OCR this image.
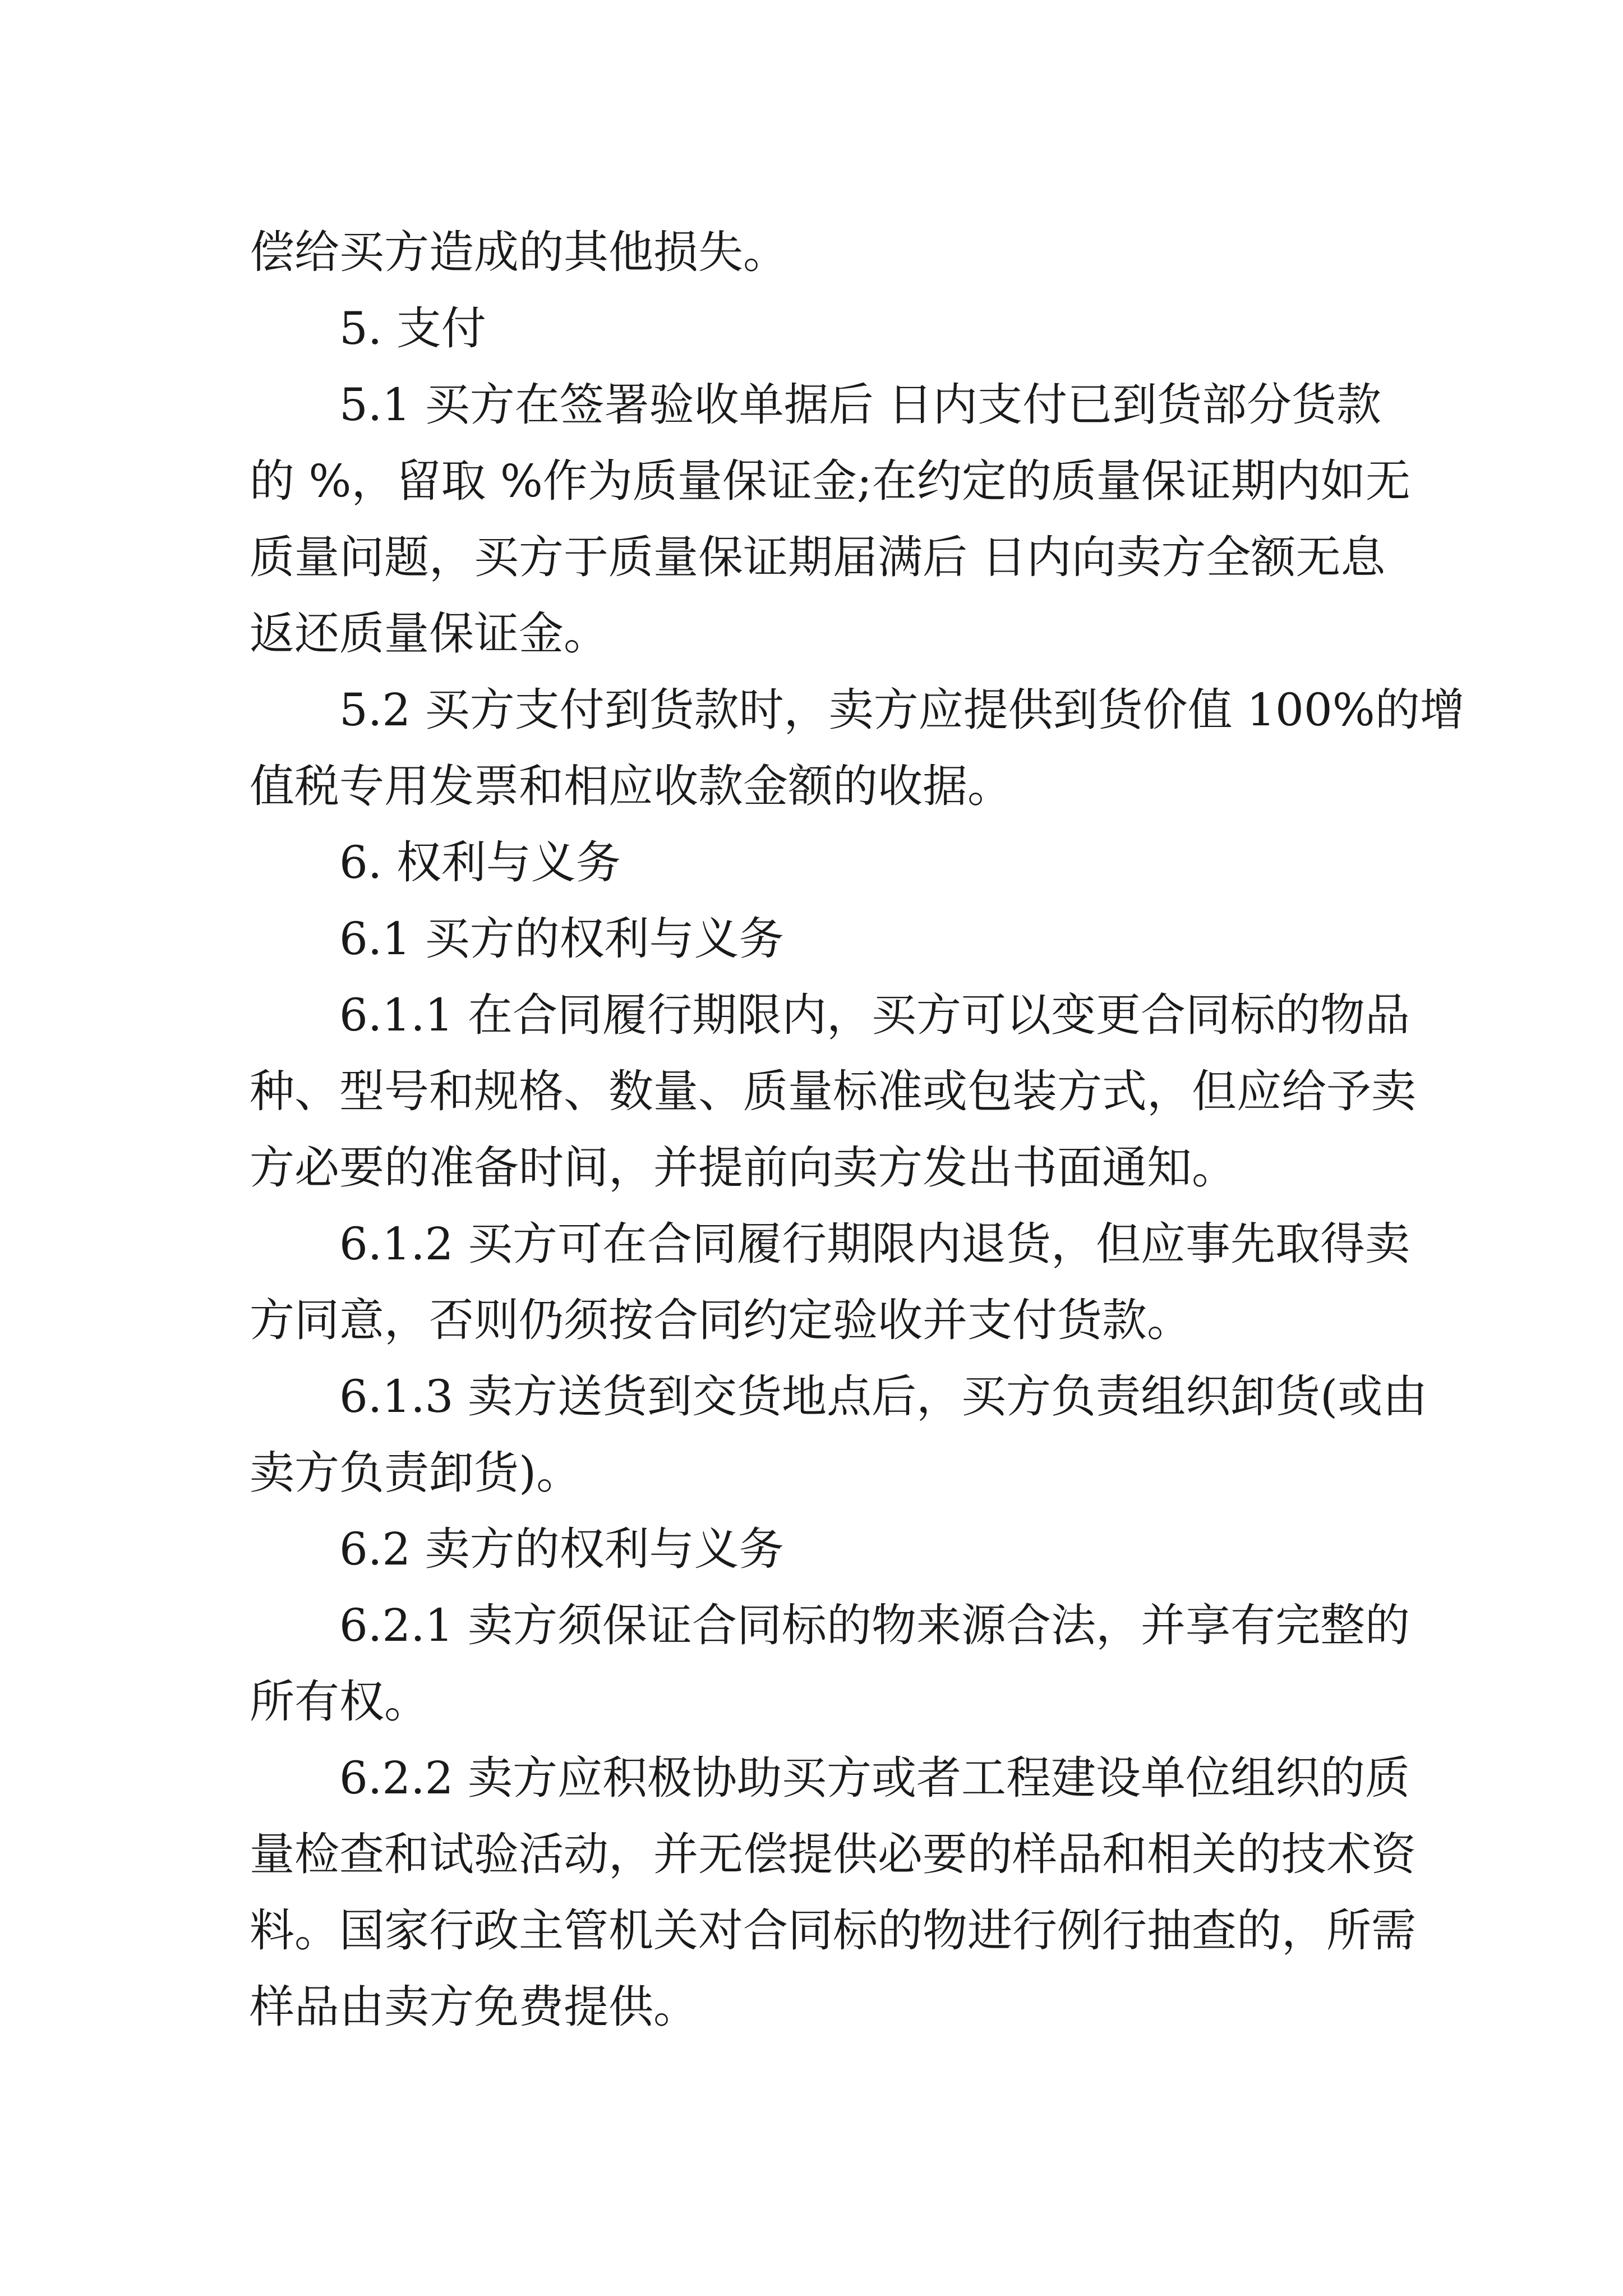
偿给买方造成的其他损失。

5. 支付

5.1 买方在签署验收单据后 日内支付已到货部分货款
的 %，留取 %作为质量保证金;在约定的质量保证期内如无
质量问题，买方于质量保证期届满后 日内向卖方全额无息
返还质量保证金。

5.2 买方支付到货款时，卖方应提供到货价值 100%的增
值税专用发票和相应收款金额的收据。

6. 权利与义务

6.1 买方的权利与义务

6.1.1 在合同履行期限内，买方可以变更合同标的物品
种、型号和规格、数量、质量标准或包装方式，但应给予卖
方必要的准备时间，并提前向卖方发出书面通知。

6.1.2 买方可在合同履行期限内退货，但应事先取得卖
方同意，否则仍须按合同约定验收并支付货款。

6.1.3 卖方送货到交货地点后，买方负责组织卸货(或由
卖方负责卸货)。

6.2 卖方的权利与义务

6.2.1 卖方须保证合同标的物来源合法，并享有完整的
所有权。

6.2.2 卖方应积极协助买方或者工程建设单位组织的质
量检查和试验活动，并无偿提供必要的样品和相关的技术资
料。国家行政主管机关对合同标的物进行例行抽查的，所需
样品由卖方免费提供。
